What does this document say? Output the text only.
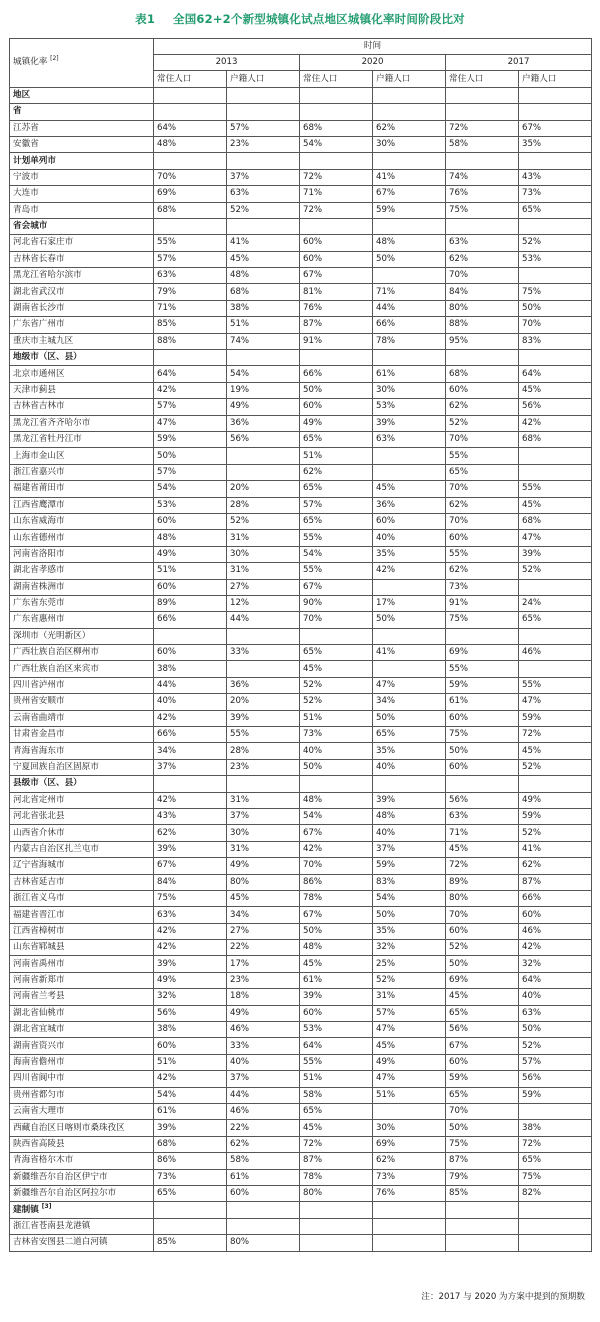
表1 全国62+2个新型城镇化试点地区城镇化率时间阶段比对
城镇化率 [2]	时间					
	2013		2020		2017	
	常住人口	户籍人口	常住人口	户籍人口	常住人口	户籍人口
地区						
省						
江苏省	64%	57%	68%	62%	72%	67%
安徽省	48%	23%	54%	30%	58%	35%
计划单列市						
宁波市	70%	37%	72%	41%	74%	43%
大连市	69%	63%	71%	67%	76%	73%
青岛市	68%	52%	72%	59%	75%	65%
省会城市						
河北省石家庄市	55%	41%	60%	48%	63%	52%
吉林省长春市	57%	45%	60%	50%	62%	53%
黑龙江省哈尔滨市	63%	48%	67%		70%	
湖北省武汉市	79%	68%	81%	71%	84%	75%
湖南省长沙市	71%	38%	76%	44%	80%	50%
广东省广州市	85%	51%	87%	66%	88%	70%
重庆市主城九区	88%	74%	91%	78%	95%	83%
地级市（区、县）						
北京市通州区	64%	54%	66%	61%	68%	64%
天津市蓟县	42%	19%	50%	30%	60%	45%
吉林省吉林市	57%	49%	60%	53%	62%	56%
黑龙江省齐齐哈尔市	47%	36%	49%	39%	52%	42%
黑龙江省牡丹江市	59%	56%	65%	63%	70%	68%
上海市金山区	50%		51%		55%	
浙江省嘉兴市	57%		62%		65%	
福建省莆田市	54%	20%	65%	45%	70%	55%
江西省鹰潭市	53%	28%	57%	36%	62%	45%
山东省威海市	60%	52%	65%	60%	70%	68%
山东省德州市	48%	31%	55%	40%	60%	47%
河南省洛阳市	49%	30%	54%	35%	55%	39%
湖北省孝感市	51%	31%	55%	42%	62%	52%
湖南省株洲市	60%	27%	67%		73%	
广东省东莞市	89%	12%	90%	17%	91%	24%
广东省惠州市	66%	44%	70%	50%	75%	65%
深圳市（光明新区）						
广西壮族自治区柳州市	60%	33%	65%	41%	69%	46%
广西壮族自治区来宾市	38%		45%		55%	
四川省泸州市	44%	36%	52%	47%	59%	55%
贵州省安顺市	40%	20%	52%	34%	61%	47%
云南省曲靖市	42%	39%	51%	50%	60%	59%
甘肃省金昌市	66%	55%	73%	65%	75%	72%
青海省海东市	34%	28%	40%	35%	50%	45%
宁夏回族自治区固原市	37%	23%	50%	40%	60%	52%
县级市（区、县）						
河北省定州市	42%	31%	48%	39%	56%	49%
河北省张北县	43%	37%	54%	48%	63%	59%
山西省介休市	62%	30%	67%	40%	71%	52%
内蒙古自治区扎兰屯市	39%	31%	42%	37%	45%	41%
辽宁省海城市	67%	49%	70%	59%	72%	62%
吉林省延吉市	84%	80%	86%	83%	89%	87%
浙江省义乌市	75%	45%	78%	54%	80%	66%
福建省晋江市	63%	34%	67%	50%	70%	60%
江西省樟树市	42%	27%	50%	35%	60%	46%
山东省郓城县	42%	22%	48%	32%	52%	42%
河南省禹州市	39%	17%	45%	25%	50%	32%
河南省新郑市	49%	23%	61%	52%	69%	64%
河南省兰考县	32%	18%	39%	31%	45%	40%
湖北省仙桃市	56%	49%	60%	57%	65%	63%
湖北省宜城市	38%	46%	53%	47%	56%	50%
湖南省资兴市	60%	33%	64%	45%	67%	52%
海南省儋州市	51%	40%	55%	49%	60%	57%
四川省阆中市	42%	37%	51%	47%	59%	56%
贵州省都匀市	54%	44%	58%	51%	65%	59%
云南省大理市	61%	46%	65%		70%	
西藏自治区日喀则市桑珠孜区	39%	22%	45%	30%	50%	38%
陕西省高陵县	68%	62%	72%	69%	75%	72%
青海省格尔木市	86%	58%	87%	62%	87%	65%
新疆维吾尔自治区伊宁市	73%	61%	78%	73%	79%	75%
新疆维吾尔自治区阿拉尔市	65%	60%	80%	76%	85%	82%
建制镇 [3]						
浙江省苍南县龙港镇						
吉林省安图县二道白河镇	85%	80%				
注：2017 与 2020 为方案中提到的预期数
